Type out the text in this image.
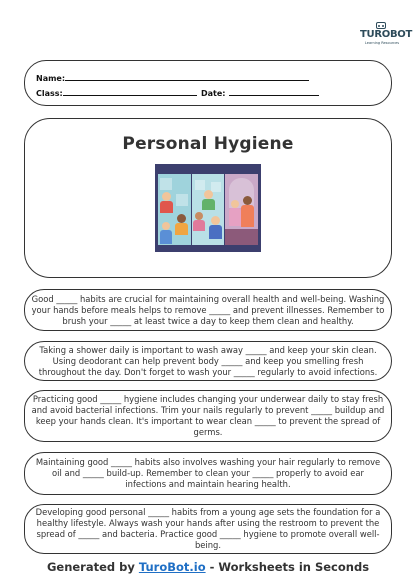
TUROBOT
Learning Resources
Name:
Class:	Date:
Personal Hygiene

Good _____ habits are crucial for maintaining overall health and well-being. Washing your hands before meals helps to remove _____ and prevent illnesses. Remember to brush your _____ at least twice a day to keep them clean and healthy.

Taking a shower daily is important to wash away _____ and keep your skin clean. Using deodorant can help prevent body _____ and keep you smelling fresh throughout the day. Don't forget to wash your _____ regularly to avoid infections.

Practicing good _____ hygiene includes changing your underwear daily to stay fresh and avoid bacterial infections. Trim your nails regularly to prevent _____ buildup and keep your hands clean. It's important to wear clean _____ to prevent the spread of germs.

Maintaining good _____ habits also involves washing your hair regularly to remove oil and _____ build-up. Remember to clean your _____ properly to avoid ear infections and maintain hearing health.

Developing good personal _____ habits from a young age sets the foundation for a healthy lifestyle. Always wash your hands after using the restroom to prevent the spread of _____ and bacteria. Practice good _____ hygiene to promote overall well-being.

Generated by TuroBot.io - Worksheets in Seconds
